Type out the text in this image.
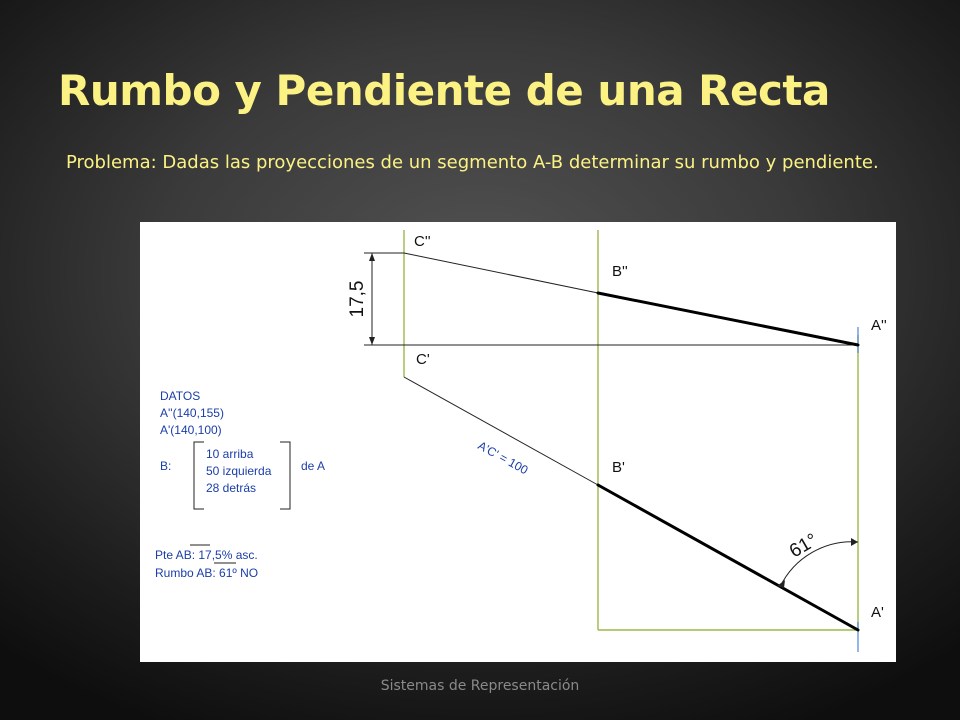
Rumbo y Pendiente de una Recta

Problema: Dadas las proyecciones de un segmento A-B determinar su rumbo y pendiente.

C''
B''
A''
C'
B'
A'
17,5
A'C' = 100
61°
DATOS
A''(140,155)
A'(140,100)
B:
10 arriba
50 izquierda
28 detrás
de A
Pte AB: 17,5% asc.
Rumbo AB: 61º NO
Sistemas de Representación
